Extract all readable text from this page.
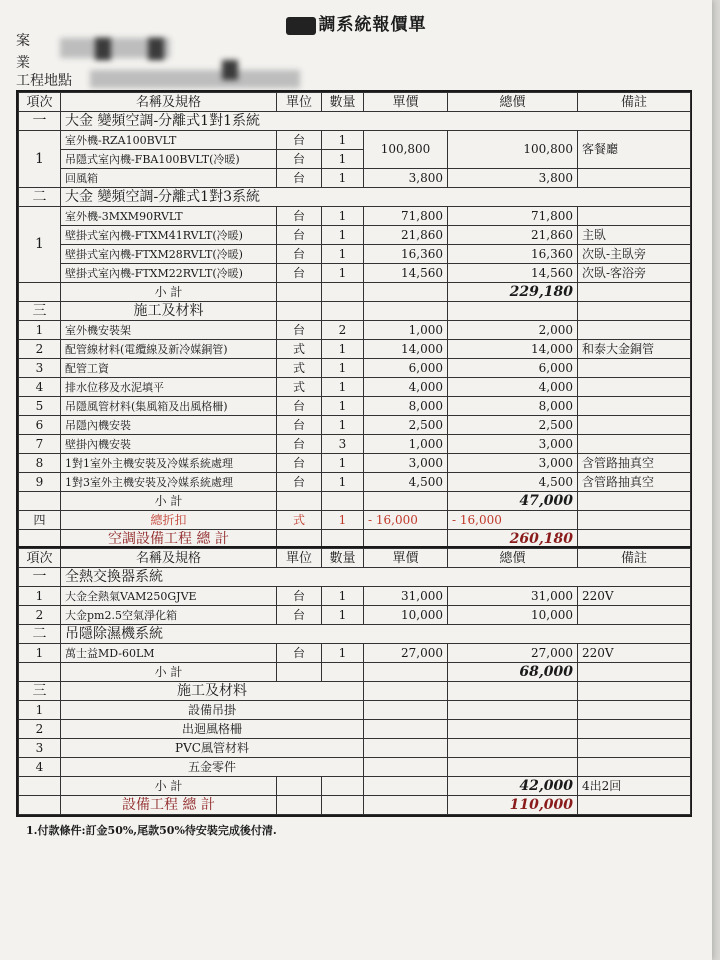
調系統報價單
案
業
工程地點
項次	名稱及規格	單位	數量	單價	總價	備註
一	大金 變頻空調-分離式1對1系統					
1	室外機-RZA100BVLT	台	1	100,800	100,800	客餐廳
	吊隱式室內機-FBA100BVLT(冷暖)	台	1			
	回風箱	台	1	3,800	3,800	
二	大金 變頻空調-分離式1對3系統					
1	室外機-3MXM90RVLT	台	1	71,800	71,800	
	壁掛式室內機-FTXM41RVLT(冷暖)	台	1	21,860	21,860	主臥
	壁掛式室內機-FTXM28RVLT(冷暖)	台	1	16,360	16,360	次臥-主臥旁
	壁掛式室內機-FTXM22RVLT(冷暖)	台	1	14,560	14,560	次臥-客浴旁
	小 計				229,180	
三	施工及材料					
1	室外機安裝架	台	2	1,000	2,000	
2	配管線材料(電纜線及新冷媒銅管)	式	1	14,000	14,000	和泰大金銅管
3	配管工資	式	1	6,000	6,000	
4	排水位移及水泥填平	式	1	4,000	4,000	
5	吊隱風管材料(集風箱及出風格柵)	台	1	8,000	8,000	
6	吊隱內機安裝	台	1	2,500	2,500	
7	壁掛內機安裝	台	3	1,000	3,000	
8	1對1室外主機安裝及冷媒系統處理	台	1	3,000	3,000	含管路抽真空
9	1對3室外主機安裝及冷媒系統處理	台	1	4,500	4,500	含管路抽真空
	小 計				47,000	
四	總折扣	式	1	- 16,000	- 16,000	
	空調設備工程 總 計				260,180	
項次	名稱及規格	單位	數量	單價	總價	備註
一	全熱交換器系統					
1	大金全熱氣VAM250GJVE	台	1	31,000	31,000	220V
2	大金pm2.5空氣淨化箱	台	1	10,000	10,000	
二	吊隱除濕機系統					
1	萬士益MD-60LM	台	1	27,000	27,000	220V
	小 計				68,000	
三	施工及材料					
1	設備吊掛					
2	出迴風格柵					
3	PVC風管材料					
4	五金零件					
	小 計				42,000	4出2回
	設備工程 總 計				110,000	
1.付款條件:訂金50%,尾款50%待安裝完成後付清.
